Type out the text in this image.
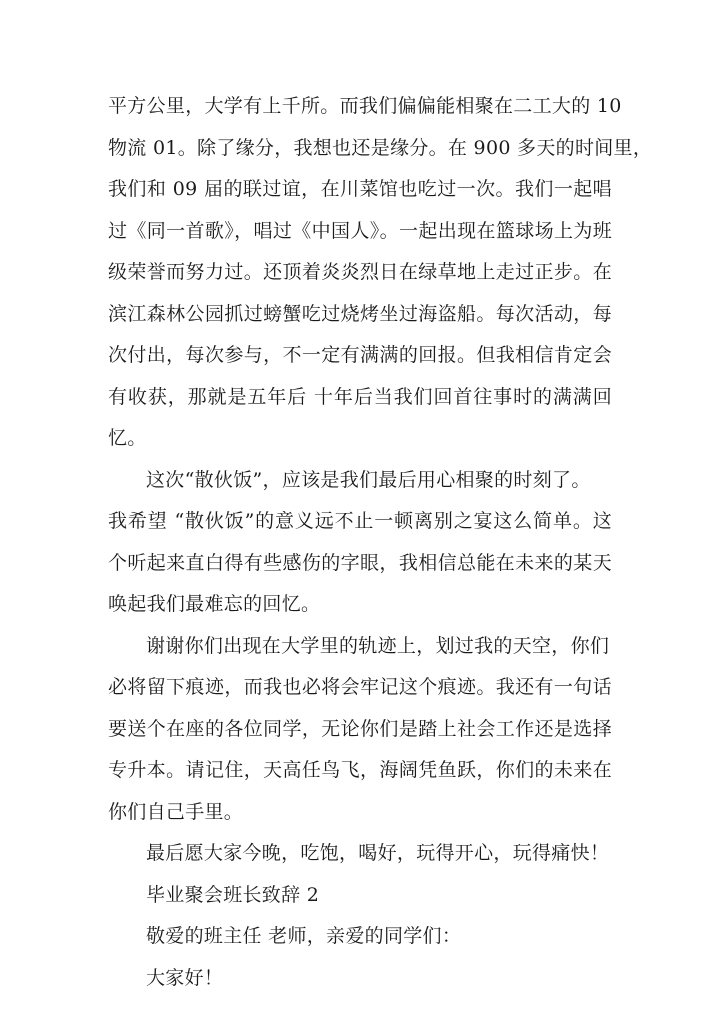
平方公里，大学有上千所。而我们偏偏能相聚在二工大的 10
物流 01。除了缘分，我想也还是缘分。在 900 多天的时间里，
我们和 09 届的联过谊，在川菜馆也吃过一次。我们一起唱
过《同一首歌》，唱过《中国人》。一起出现在篮球场上为班
级荣誉而努力过。还顶着炎炎烈日在绿草地上走过正步。在
滨江森林公园抓过螃蟹吃过烧烤坐过海盗船。每次活动，每
次付出，每次参与，不一定有满满的回报。但我相信肯定会
有收获，那就是五年后 十年后当我们回首往事时的满满回
忆。
这次“散伙饭”，应该是我们最后用心相聚的时刻了。
我希望 “散伙饭”的意义远不止一顿离别之宴这么简单。这
个听起来直白得有些感伤的字眼，我相信总能在未来的某天
唤起我们最难忘的回忆。
谢谢你们出现在大学里的轨迹上，划过我的天空，你们
必将留下痕迹，而我也必将会牢记这个痕迹。我还有一句话
要送个在座的各位同学，无论你们是踏上社会工作还是选择
专升本。请记住，天高任鸟飞，海阔凭鱼跃，你们的未来在
你们自己手里。
最后愿大家今晚，吃饱，喝好，玩得开心，玩得痛快！
毕业聚会班长致辞 2
敬爱的班主任 老师，亲爱的同学们：
大家好！
